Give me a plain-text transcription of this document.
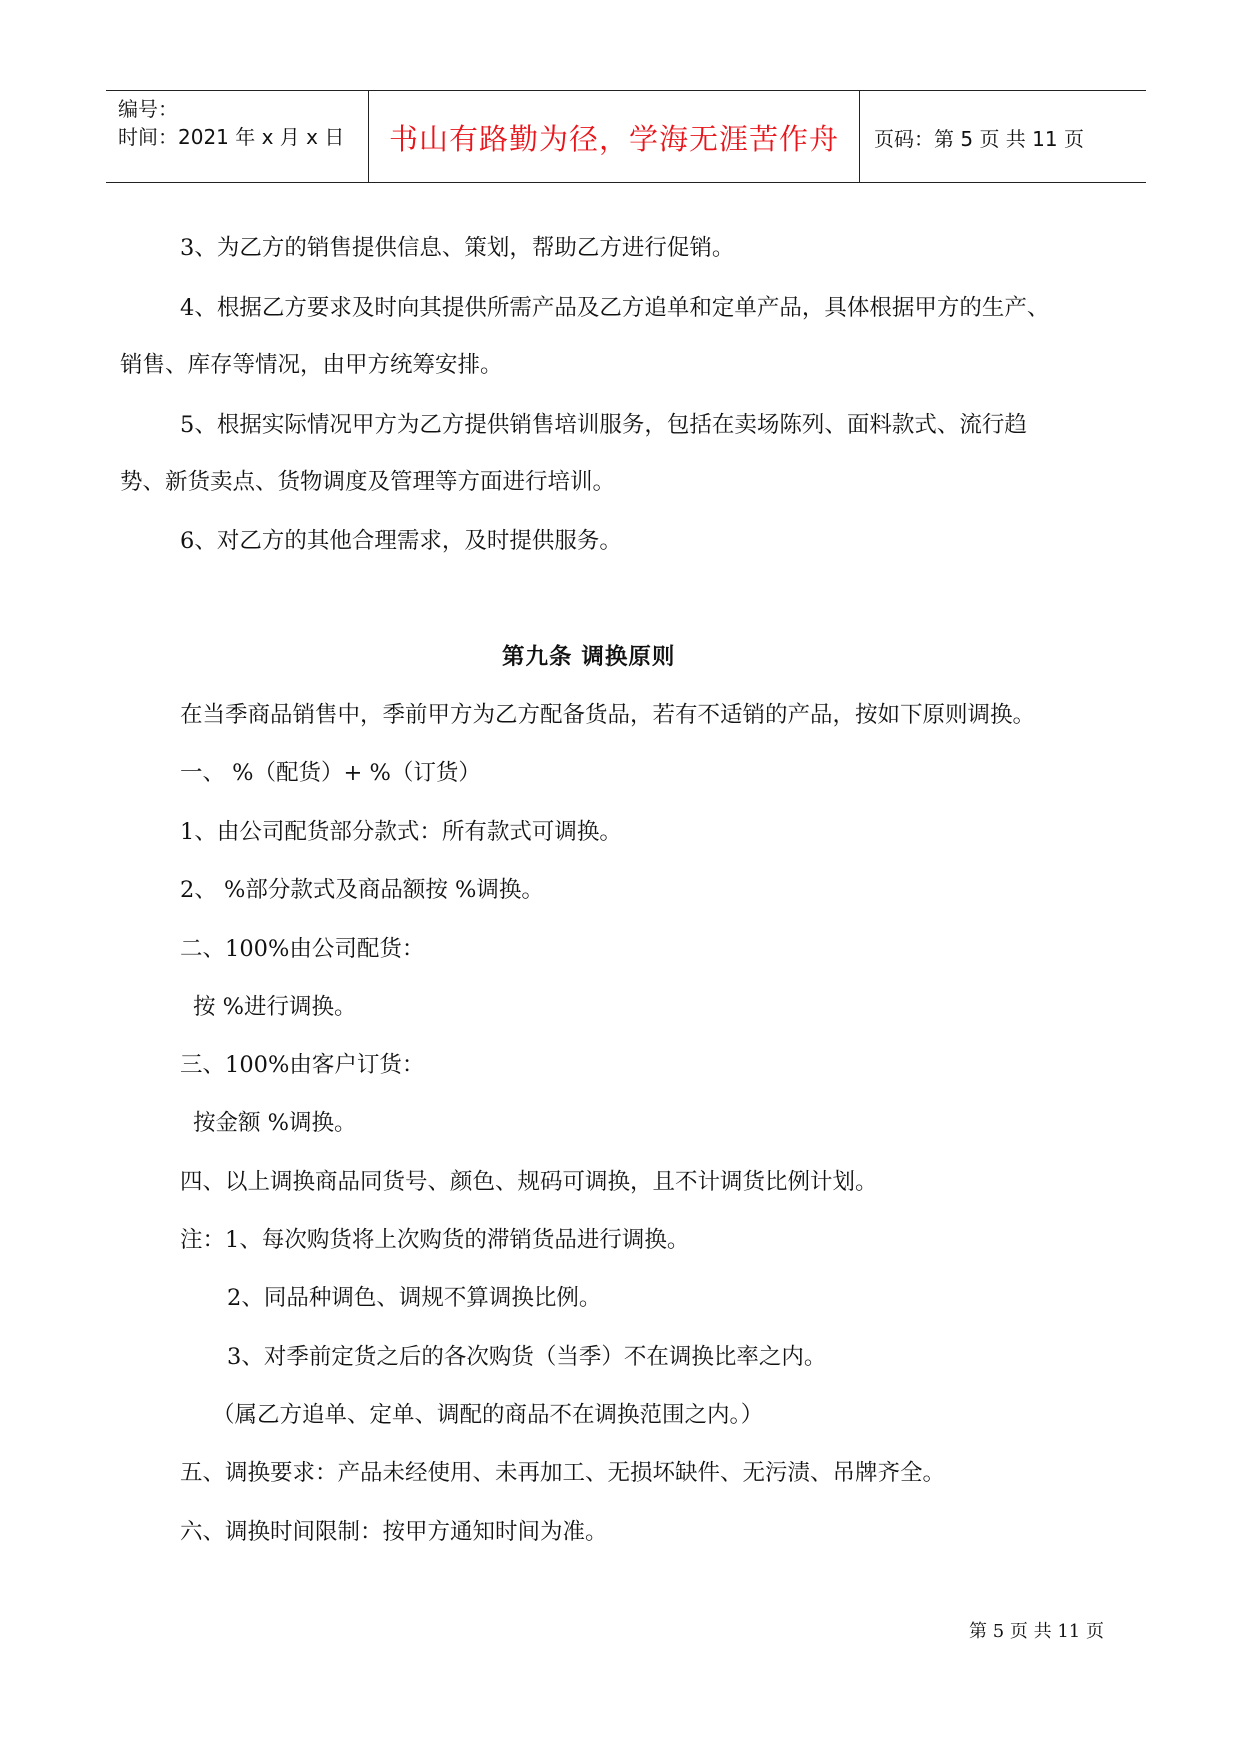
编号：
时间：2021 年 x 月 x 日	书山有路勤为径，学海无涯苦作舟	页码：第 5 页 共 11 页
3、为乙方的销售提供信息、策划，帮助乙方进行促销。
4、根据乙方要求及时向其提供所需产品及乙方追单和定单产品，具体根据甲方的生产、
销售、库存等情况，由甲方统筹安排。
5、根据实际情况甲方为乙方提供销售培训服务，包括在卖场陈列、面料款式、流行趋
势、新货卖点、货物调度及管理等方面进行培训。
6、对乙方的其他合理需求，及时提供服务。
第九条 调换原则
在当季商品销售中，季前甲方为乙方配备货品，若有不适销的产品，按如下原则调换。
一、 %（配货）+ %（订货）
1、由公司配货部分款式：所有款式可调换。
2、 %部分款式及商品额按 %调换。
二、100%由公司配货：
按 %进行调换。
三、100%由客户订货：
按金额 %调换。
四、以上调换商品同货号、颜色、规码可调换，且不计调货比例计划。
注：1、每次购货将上次购货的滞销货品进行调换。
2、同品种调色、调规不算调换比例。
3、对季前定货之后的各次购货（当季）不在调换比率之内。
（属乙方追单、定单、调配的商品不在调换范围之内。）
五、调换要求：产品未经使用、未再加工、无损坏缺件、无污渍、吊牌齐全。
六、调换时间限制：按甲方通知时间为准。
第 5 页 共 11 页
